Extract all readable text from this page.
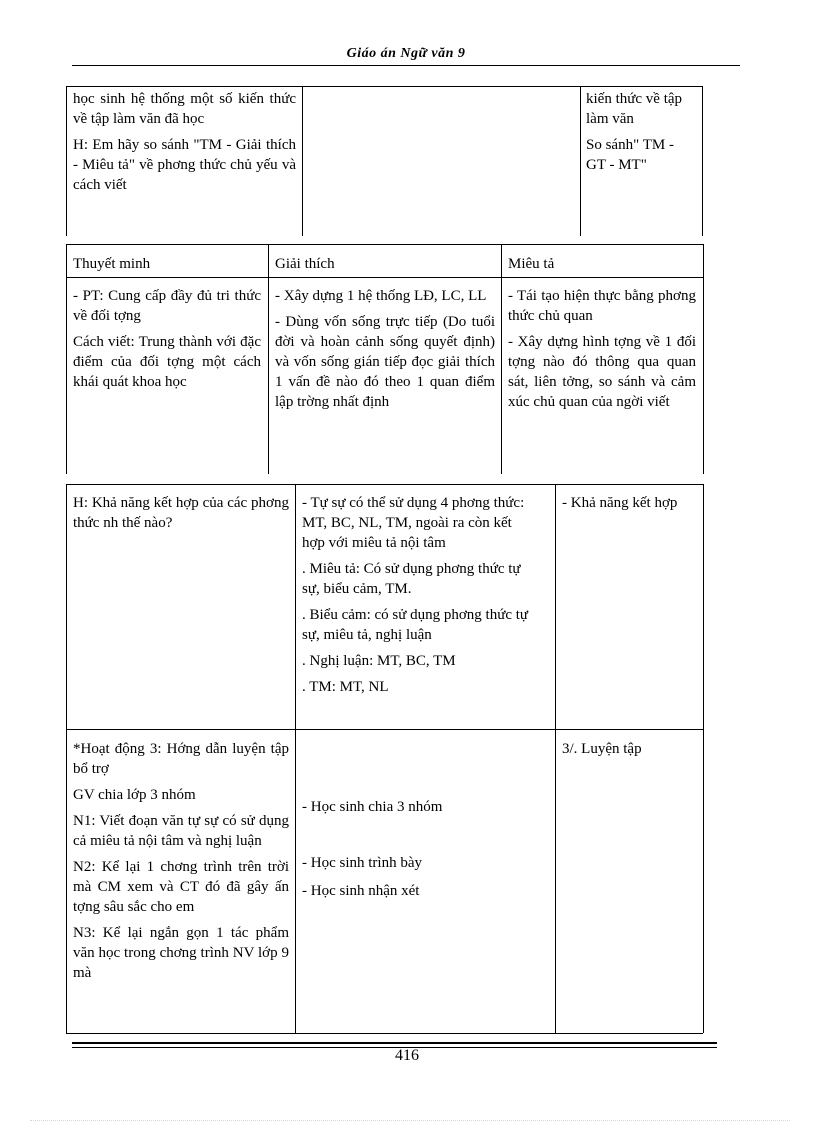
Giáo án Ngữ văn 9

học sinh hệ thống một số kiến thức về tập làm văn đã học

H: Em hãy so sánh "TM - Giải thích - Miêu tả" về phơng thức chủ yếu và cách viết

kiến thức về tập làm văn

So sánh" TM - GT - MT"

Thuyết minh	Giải thích	Miêu tả

- PT: Cung cấp đầy đủ tri thức về đối tợng

Cách viết: Trung thành với đặc điểm của đối tợng một cách khái quát khoa học

- Xây dựng 1 hệ thống LĐ, LC, LL

- Dùng vốn sống trực tiếp (Do tuổi đời và hoàn cảnh sống quyết định) và vốn sống gián tiếp đọc giải thích 1 vấn đề nào đó theo 1 quan điểm lập trờng nhất định

- Tái tạo hiện thực bằng phơng thức chủ quan

- Xây dựng hình tợng về 1 đối tợng nào đó thông qua quan sát, liên tởng, so sánh và cảm xúc chủ quan của ngời viết

H: Khả năng kết hợp của các phơng thức nh thế nào?

- Tự sự có thể sử dụng 4 phơng thức: MT, BC, NL, TM, ngoài ra còn kết hợp với miêu tả nội tâm

. Miêu tả: Có sử dụng phơng thức tự sự, biểu cảm, TM.

. Biểu cảm: có sử dụng phơng thức tự sự, miêu tả, nghị luận

. Nghị luận: MT, BC, TM

. TM: MT, NL

- Khả năng kết hợp

*Hoạt động 3: Hớng dẫn luyện tập bổ trợ

GV chia lớp 3 nhóm

N1: Viết đoạn văn tự sự có sử dụng cả miêu tả nội tâm và nghị luận

N2: Kể lại 1 chơng trình trên trời mà CM xem và CT đó đã gây ấn tợng sâu sắc cho em

N3: Kể lại ngắn gọn 1 tác phẩm văn học trong chơng trình NV lớp 9 mà

- Học sinh chia 3 nhóm

- Học sinh trình bày

- Học sinh nhận xét

3/. Luyện tập

416
